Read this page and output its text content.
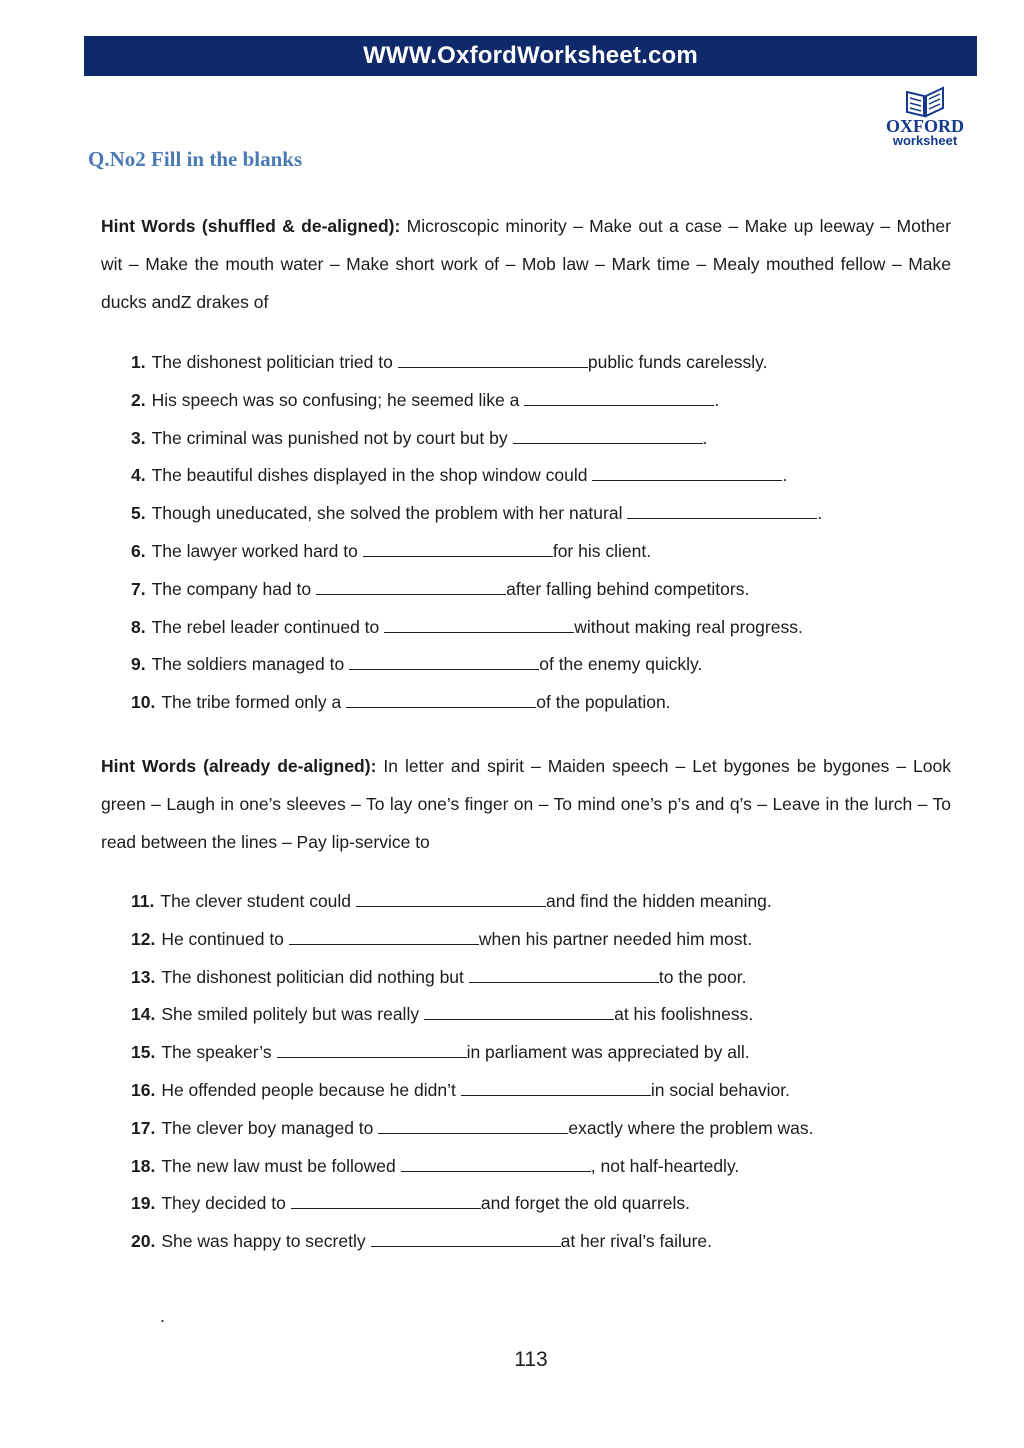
WWW.OxfordWorksheet.com
OXFORD
worksheet
Q.No2 Fill in the blanks
Hint Words (shuffled & de-aligned): Microscopic minority – Make out a case – Make up leeway – Mother wit – Make the mouth water – Make short work of – Mob law – Mark time – Mealy mouthed fellow – Make ducks andZ drakes of
1. The dishonest politician tried to	public funds carelessly.
2. His speech was so confusing; he seemed like a	.
3. The criminal was punished not by court but by	.
4. The beautiful dishes displayed in the shop window could	.
5. Though uneducated, she solved the problem with her natural	.
6. The lawyer worked hard to	for his client.
7. The company had to	after falling behind competitors.
8. The rebel leader continued to	without making real progress.
9. The soldiers managed to	of the enemy quickly.
10. The tribe formed only a	of the population.
Hint Words (already de-aligned): In letter and spirit – Maiden speech – Let bygones be bygones – Look green – Laugh in one’s sleeves – To lay one’s finger on – To mind one’s p’s and q’s – Leave in the lurch – To read between the lines – Pay lip-service to
11. The clever student could	and find the hidden meaning.
12. He continued to	when his partner needed him most.
13. The dishonest politician did nothing but	to the poor.
14. She smiled politely but was really	at his foolishness.
15. The speaker’s	in parliament was appreciated by all.
16. He offended people because he didn’t	in social behavior.
17. The clever boy managed to	exactly where the problem was.
18. The new law must be followed	, not half-heartedly.
19. They decided to	and forget the old quarrels.
20. She was happy to secretly	at her rival’s failure.
.
113
